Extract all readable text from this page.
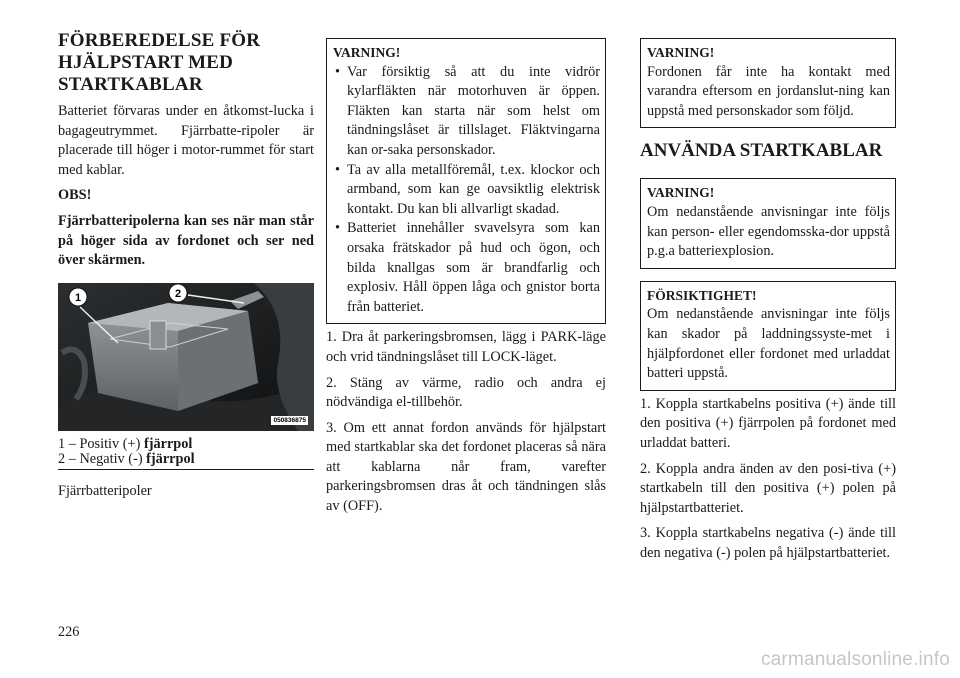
FÖRBEREDELSE FÖR
HJÄLPSTART MED
STARTKABLAR

Batteriet förvaras under en åtkomst-lucka i bagageutrymmet. Fjärrbatte-ripoler är placerade till höger i motor-rummet för start med kablar.

OBS!

Fjärrbatteripolerna kan ses när man står på höger sida av fordonet och ser ned över skärmen.

1	2
050836875
1 – Positiv (+) fjärrpol
2 – Negativ (-) fjärrpol

Fjärrbatteripoler

VARNING!
• Var försiktig så att du inte vidrör kylarfläkten när motorhuven är öppen. Fläkten kan starta när som helst om tändningslåset är tillslaget. Fläktvingarna kan or-saka personskador.
• Ta av alla metallföremål, t.ex. klockor och armband, som kan ge oavsiktlig elektrisk kontakt. Du kan bli allvarligt skadad.
• Batteriet innehåller svavelsyra som kan orsaka frätskador på hud och ögon, och bilda knallgas som är brandfarlig och explosiv. Håll öppen låga och gnistor borta från batteriet.

1. Dra åt parkeringsbromsen, lägg i PARK-läge och vrid tändningslåset till LOCK-läget.

2. Stäng av värme, radio och andra ej nödvändiga el-tillbehör.

3. Om ett annat fordon används för hjälpstart med startkablar ska det fordonet placeras så nära att kablarna når fram, varefter parkeringsbromsen dras åt och tändningen slås av (OFF).

VARNING!

Fordonen får inte ha kontakt med varandra eftersom en jordanslut-ning kan uppstå med personskador som följd.

ANVÄNDA STARTKABLAR
VARNING!

Om nedanstående anvisningar inte följs kan person- eller egendomsska-dor uppstå p.g.a batteriexplosion.

FÖRSIKTIGHET!

Om nedanstående anvisningar inte följs kan skador på laddningssyste-met i hjälpfordonet eller fordonet med urladdat batteri uppstå.

1. Koppla startkabelns positiva (+) ände till den positiva (+) fjärrpolen på fordonet med urladdat batteri.

2. Koppla andra änden av den posi-tiva (+) startkabeln till den positiva (+) polen på hjälpstartbatteriet.

3. Koppla startkabelns negativa (-) ände till den negativa (-) polen på hjälpstartbatteriet.

226
carmanualsonline.info
